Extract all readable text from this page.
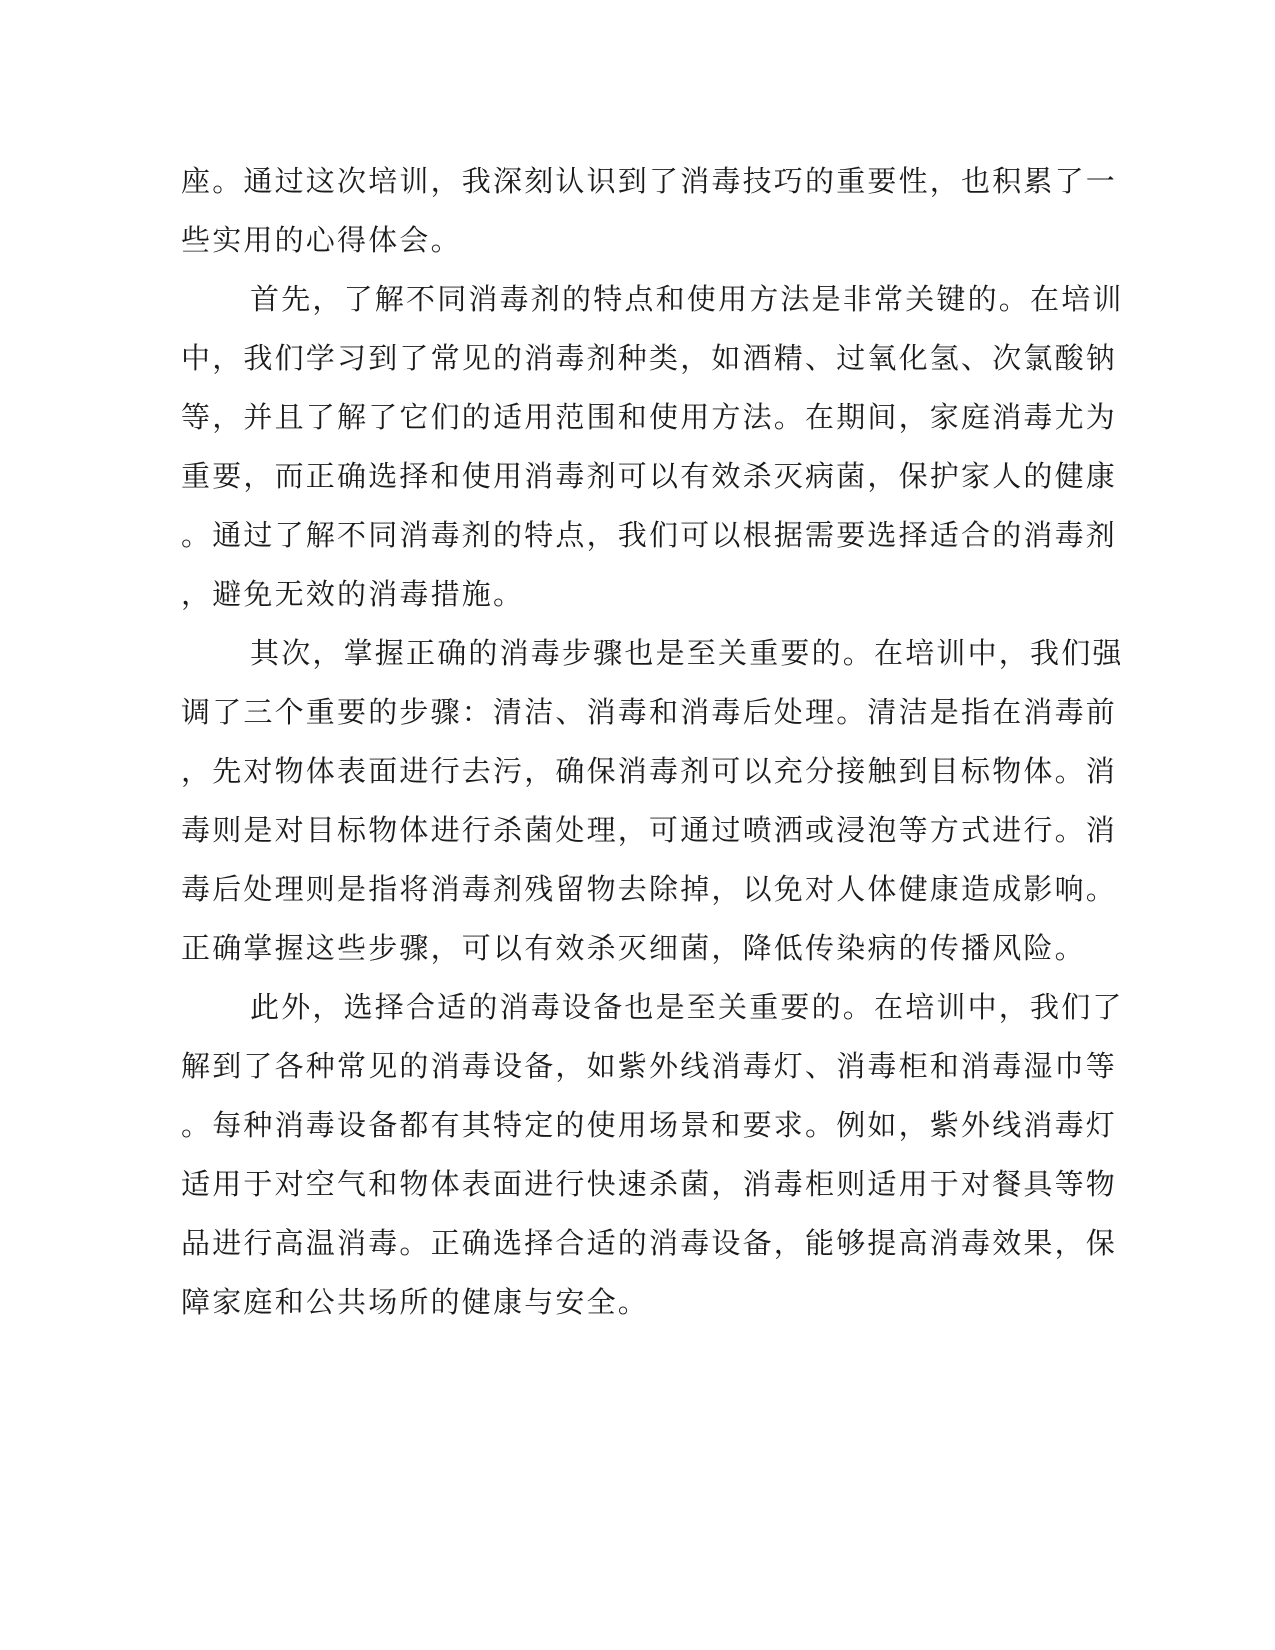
座。通过这次培训，我深刻认识到了消毒技巧的重要性，也积累了一
些实用的心得体会。
首先，了解不同消毒剂的特点和使用方法是非常关键的。在培训
中，我们学习到了常见的消毒剂种类，如酒精、过氧化氢、次氯酸钠
等，并且了解了它们的适用范围和使用方法。在期间，家庭消毒尤为
重要，而正确选择和使用消毒剂可以有效杀灭病菌，保护家人的健康
。通过了解不同消毒剂的特点，我们可以根据需要选择适合的消毒剂
，避免无效的消毒措施。
其次，掌握正确的消毒步骤也是至关重要的。在培训中，我们强
调了三个重要的步骤：清洁、消毒和消毒后处理。清洁是指在消毒前
，先对物体表面进行去污，确保消毒剂可以充分接触到目标物体。消
毒则是对目标物体进行杀菌处理，可通过喷洒或浸泡等方式进行。消
毒后处理则是指将消毒剂残留物去除掉，以免对人体健康造成影响。
正确掌握这些步骤，可以有效杀灭细菌，降低传染病的传播风险。
此外，选择合适的消毒设备也是至关重要的。在培训中，我们了
解到了各种常见的消毒设备，如紫外线消毒灯、消毒柜和消毒湿巾等
。每种消毒设备都有其特定的使用场景和要求。例如，紫外线消毒灯
适用于对空气和物体表面进行快速杀菌，消毒柜则适用于对餐具等物
品进行高温消毒。正确选择合适的消毒设备，能够提高消毒效果，保
障家庭和公共场所的健康与安全。
